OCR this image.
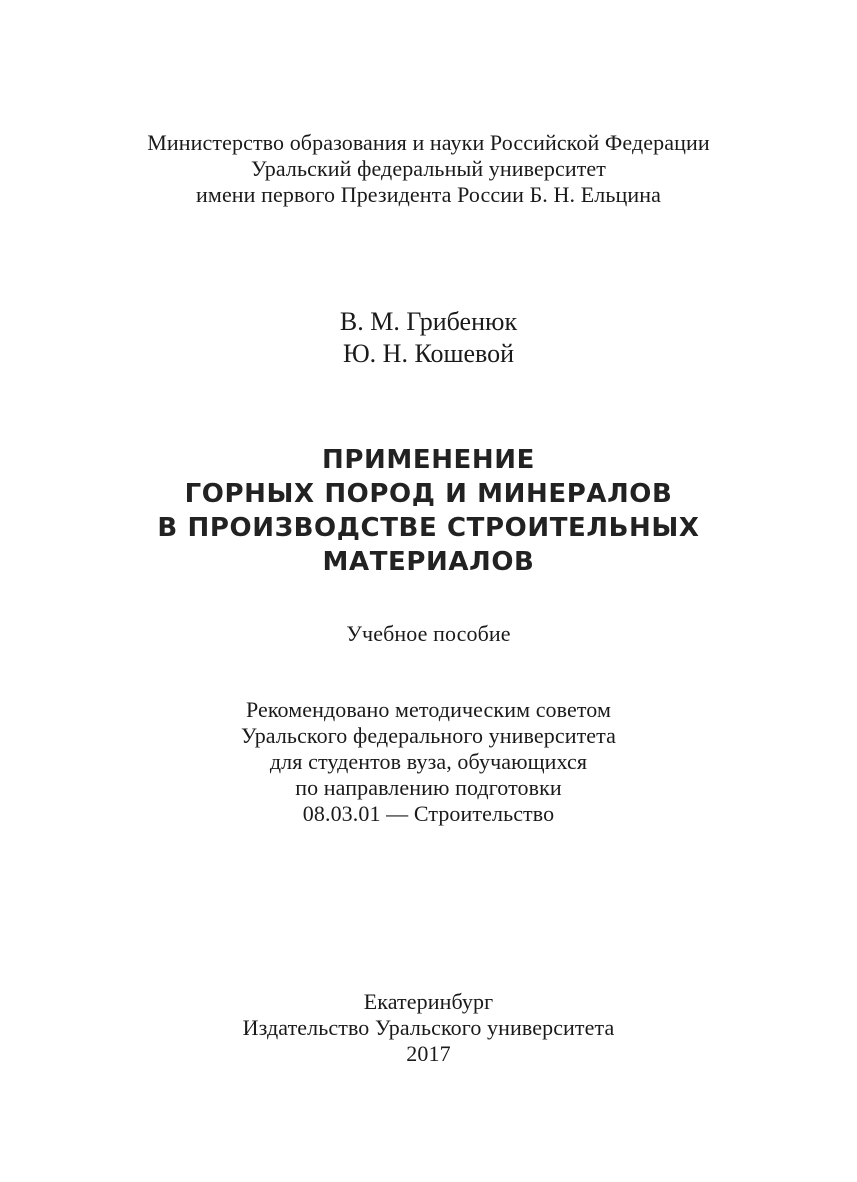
Министерство образования и науки Российской Федерации
Уральский федеральный университет
имени первого Президента России Б. Н. Ельцина
В. М. Грибенюк
Ю. Н. Кошевой
ПРИМЕНЕНИЕ
ГОРНЫХ ПОРОД И МИНЕРАЛОВ
В ПРОИЗВОДСТВЕ СТРОИТЕЛЬНЫХ
МАТЕРИАЛОВ
Учебное пособие
Рекомендовано методическим советом
Уральского федерального университета
для студентов вуза, обучающихся
по направлению подготовки
08.03.01 — Строительство
Екатеринбург
Издательство Уральского университета
2017
